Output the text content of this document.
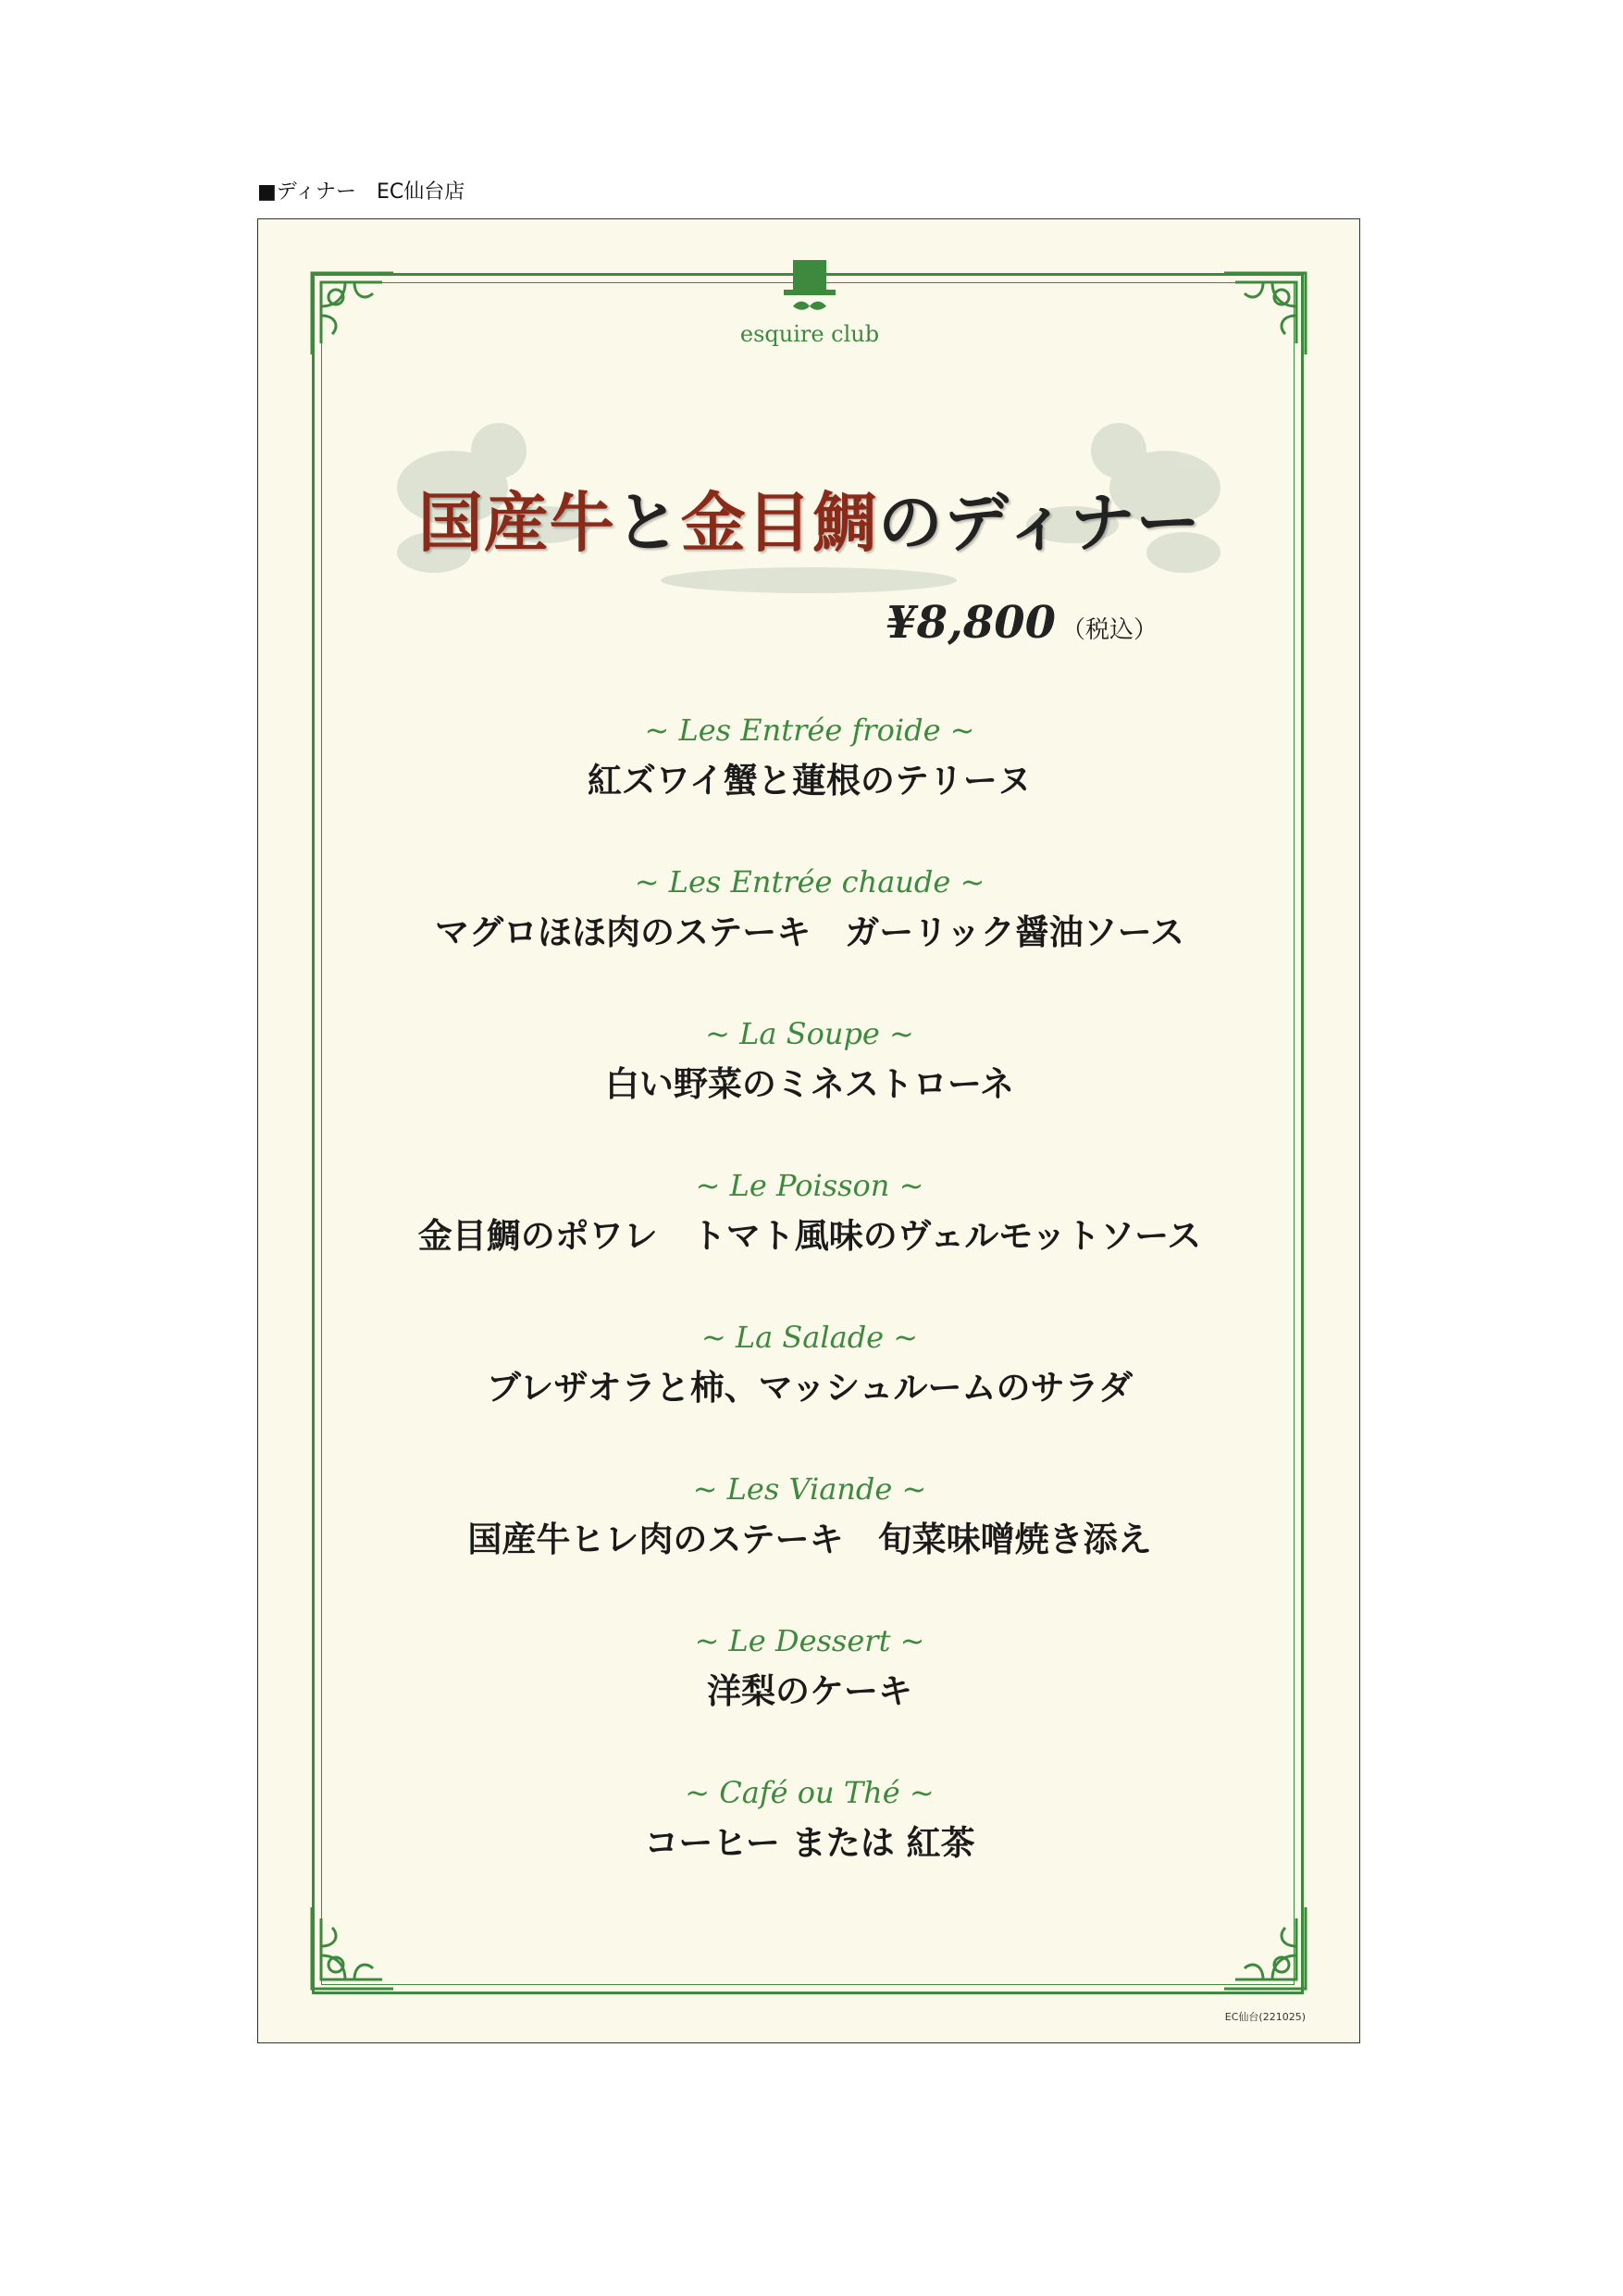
■ディナー　EC仙台店
esquire club
国産牛と金目鯛のディナー
¥8,800 （税込）
~ Les Entrée froide ~
紅ズワイ蟹と蓮根のテリーヌ
~ Les Entrée chaude ~
マグロほほ肉のステーキ　ガーリック醤油ソース
~ La Soupe ~
白い野菜のミネストローネ
~ Le Poisson ~
金目鯛のポワレ　トマト風味のヴェルモットソース
~ La Salade ~
ブレザオラと柿、マッシュルームのサラダ
~ Les Viande ~
国産牛ヒレ肉のステーキ　旬菜味噌焼き添え
~ Le Dessert ~
洋梨のケーキ
~ Café ou Thé ~
コーヒー または 紅茶
EC仙台(221025)
